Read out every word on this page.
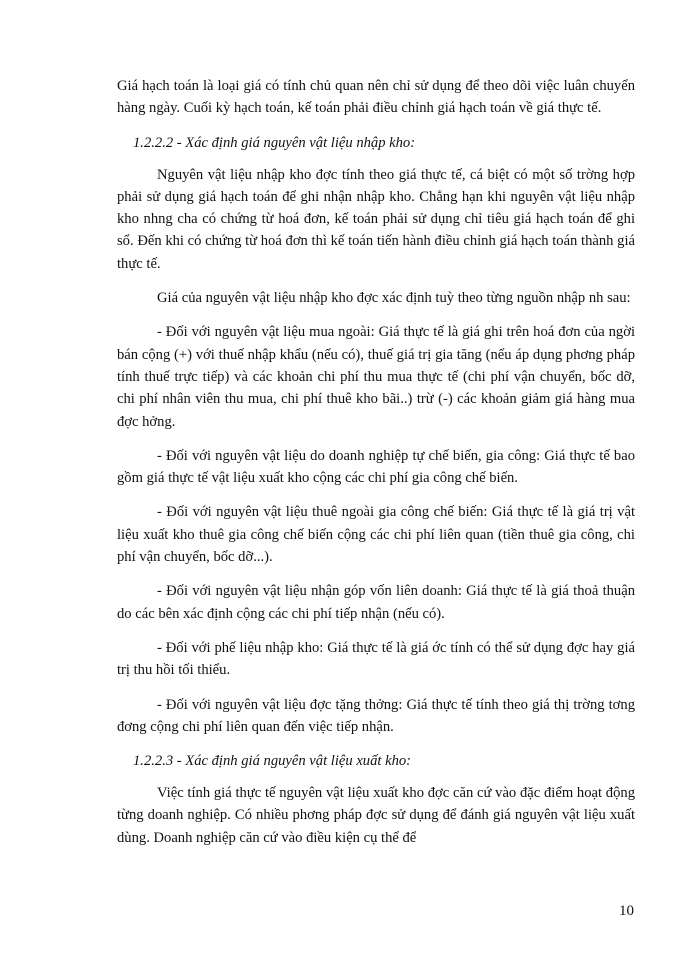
Giá hạch toán là loại giá có tính chủ quan nên chỉ sử dụng để theo dõi việc luân chuyển hàng ngày. Cuối kỳ hạch toán, kế toán phải điều chỉnh giá hạch toán về giá thực tế.

1.2.2.2 - Xác định giá nguyên vật liệu nhập kho:

Nguyên vật liệu nhập kho đợc tính theo giá thực tế, cá biệt có một số trờng hợp phải sử dụng giá hạch toán để ghi nhận nhập kho. Chẳng hạn khi nguyên vật liệu nhập kho nhng cha có chứng từ hoá đơn, kế toán phải sử dụng chỉ tiêu giá hạch toán để ghi sổ. Đến khi có chứng từ hoá đơn thì kế toán tiến hành điều chỉnh giá hạch toán thành giá thực tế.

Giá của nguyên vật liệu nhập kho đợc xác định tuỳ theo từng nguồn nhập nh sau:

- Đối với nguyên vật liệu mua ngoài: Giá thực tế là giá ghi trên hoá đơn của ngời bán cộng (+) với thuế nhập khẩu (nếu có), thuế giá trị gia tăng (nếu áp dụng phơng pháp tính thuế trực tiếp) và các khoản chi phí thu mua thực tế (chi phí vận chuyển, bốc dỡ, chi phí nhân viên thu mua, chi phí thuê kho bãi..) trừ (-) các khoản giảm giá hàng mua đợc hởng.

- Đối với nguyên vật liệu do doanh nghiệp tự chế biến, gia công: Giá thực tế bao gồm giá thực tế vật liệu xuất kho cộng các chi phí gia công chế biến.

- Đối với nguyên vật liệu thuê ngoài gia công chế biến: Giá thực tế là giá trị vật liệu xuất kho thuê gia công chế biến cộng các chi phí liên quan (tiền thuê gia công, chi phí vận chuyển, bốc dỡ...).

- Đối với nguyên vật liệu nhận góp vốn liên doanh: Giá thực tế là giá thoả thuận do các bên xác định cộng các chi phí tiếp nhận (nếu có).

- Đối với phế liệu nhập kho: Giá thực tế là giá ớc tính có thể sử dụng đợc hay giá trị thu hồi tối thiểu.

- Đối với nguyên vật liệu đợc tặng thởng: Giá thực tế tính theo giá thị trờng tơng đơng cộng chi phí liên quan đến việc tiếp nhận.

1.2.2.3 - Xác định giá nguyên vật liệu xuất kho:

Việc tính giá thực tế nguyên vật liệu xuất kho đợc căn cứ vào đặc điểm hoạt động từng doanh nghiệp. Có nhiều phơng pháp đợc sử dụng để đánh giá nguyên vật liệu xuất dùng. Doanh nghiệp căn cứ vào điều kiện cụ thể để

10
